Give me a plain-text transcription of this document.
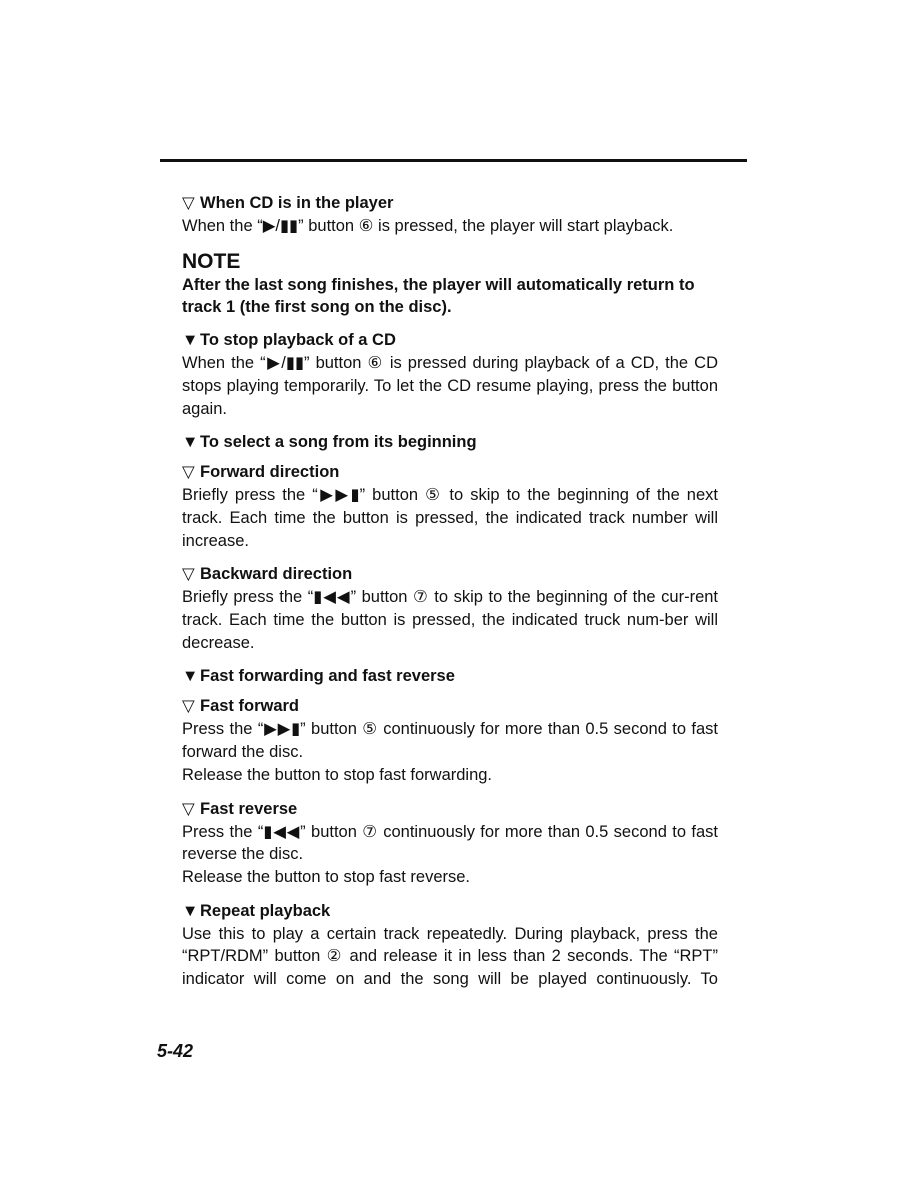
▽ When CD is in the player

When the “▶/▮▮” button ⑥ is pressed, the player will start playback.

NOTE

After the last song finishes, the player will automatically return to track 1 (the first song on the disc).

▼ To stop playback of a CD

When the “▶/▮▮” button ⑥ is pressed during playback of a CD, the CD stops playing temporarily. To let the CD resume playing, press the button again.

▼ To select a song from its beginning

▽ Forward direction

Briefly press the “▶▶▮” button ⑤ to skip to the beginning of the next track. Each time the button is pressed, the indicated track number will increase.

▽ Backward direction

Briefly press the “▮◀◀” button ⑦ to skip to the beginning of the cur-rent track. Each time the button is pressed, the indicated truck num-ber will decrease.

▼ Fast forwarding and fast reverse

▽ Fast forward

Press the “▶▶▮” button ⑤ continuously for more than 0.5 second to fast forward the disc.

Release the button to stop fast forwarding.

▽ Fast reverse

Press the “▮◀◀” button ⑦ continuously for more than 0.5 second to fast reverse the disc.

Release the button to stop fast reverse.

▼ Repeat playback

Use this to play a certain track repeatedly. During playback, press the “RPT/RDM” button ② and release it in less than 2 seconds. The “RPT” indicator will come on and the song will be played continuously. To

5-42
